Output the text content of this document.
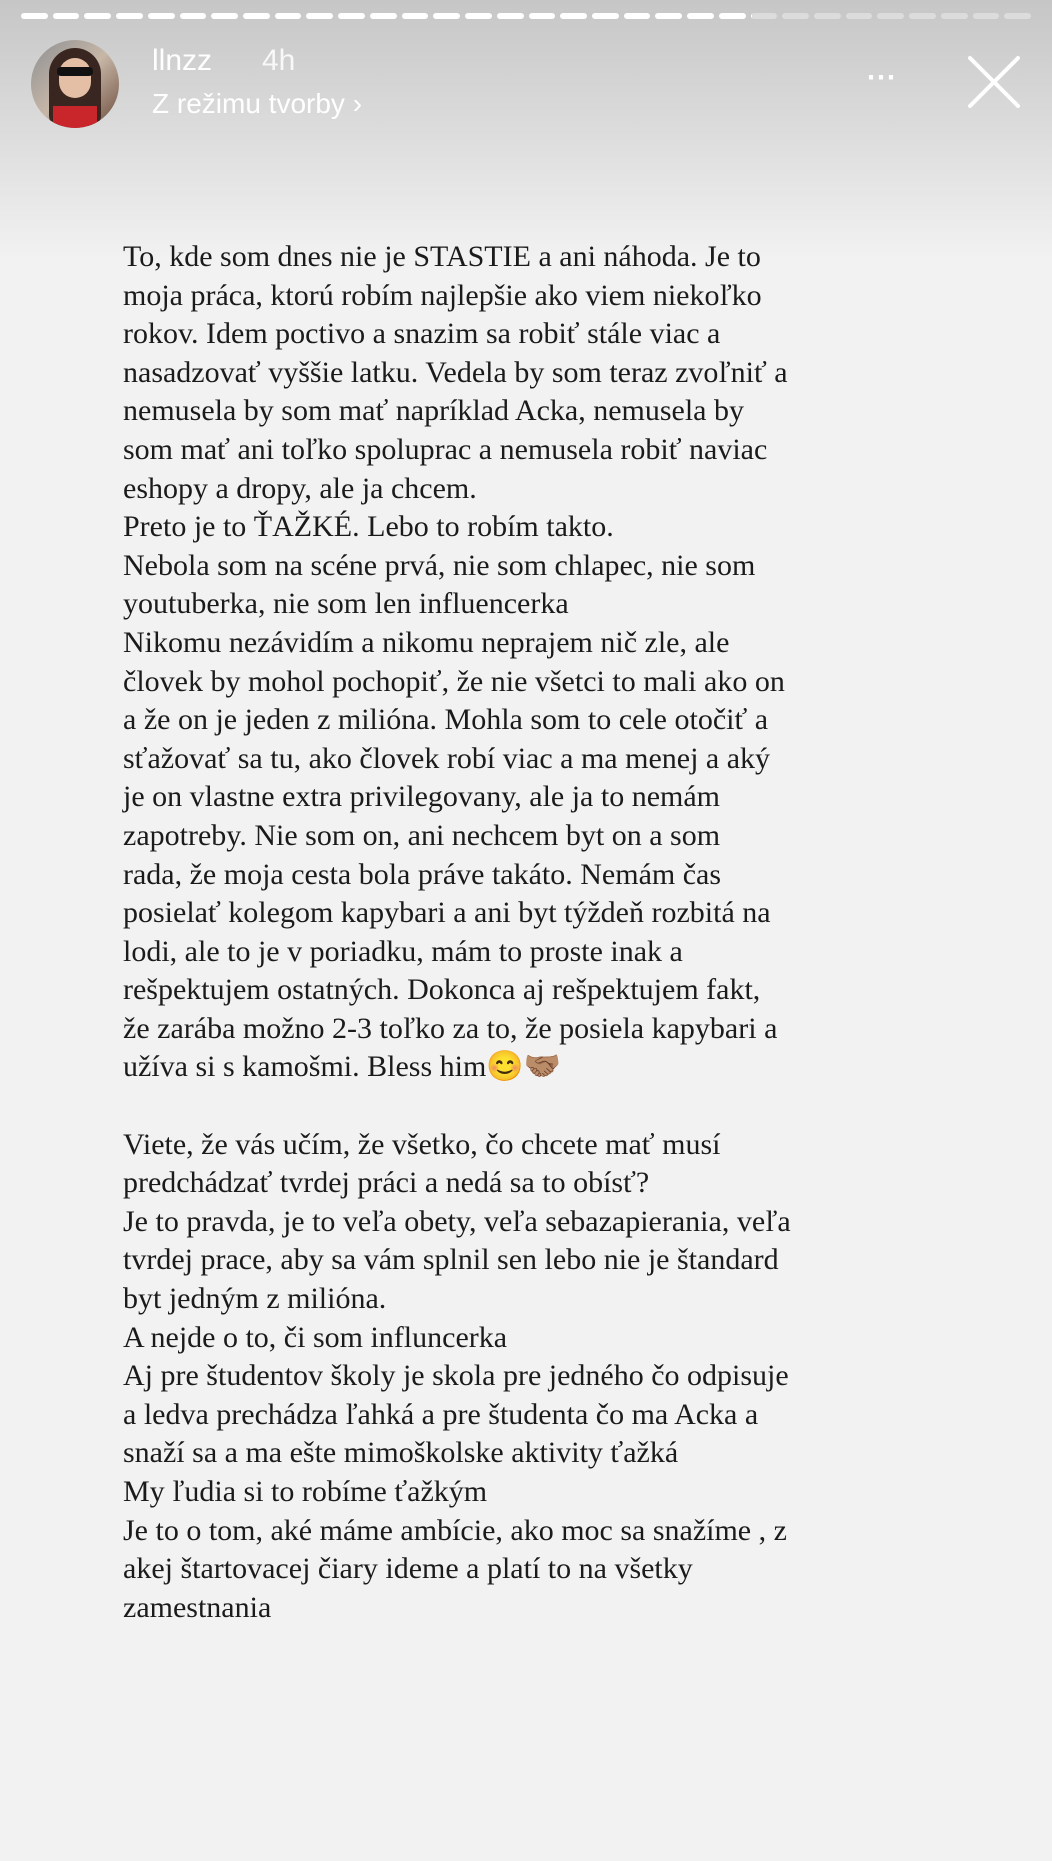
llnzz 4h
Z režimu tvorby ›
⋯
To, kde som dnes nie je STASTIE a ani náhoda. Je to
moja práca, ktorú robím najlepšie ako viem niekoľko
rokov. Idem poctivo a snazim sa robiť stále viac a
nasadzovať vyššie latku. Vedela by som teraz zvoľniť a
nemusela by som mať napríklad Acka, nemusela by
som mať ani toľko spoluprac a nemusela robiť naviac
eshopy a dropy, ale ja chcem.
Preto je to ŤAŽKÉ. Lebo to robím takto.
Nebola som na scéne prvá, nie som chlapec, nie som
youtuberka, nie som len influencerka
Nikomu nezávidím a nikomu neprajem nič zle, ale
človek by mohol pochopiť, že nie všetci to mali ako on
a že on je jeden z milióna. Mohla som to cele otočiť a
sťažovať sa tu, ako človek robí viac a ma menej a aký
je on vlastne extra privilegovany, ale ja to nemám
zapotreby. Nie som on, ani nechcem byt on a som
rada, že moja cesta bola práve takáto. Nemám čas
posielať kolegom kapybari a ani byt týždeň rozbitá na
lodi, ale to je v poriadku, mám to proste inak a
rešpektujem ostatných. Dokonca aj rešpektujem fakt,
že zarába možno 2-3 toľko za to, že posiela kapybari a
užíva si s kamošmi. Bless him😊🤝🏽
Viete, že vás učím, že všetko, čo chcete mať musí
predchádzať tvrdej práci a nedá sa to obísť?
Je to pravda, je to veľa obety, veľa sebazapierania, veľa
tvrdej prace, aby sa vám splnil sen lebo nie je štandard
byt jedným z milióna.
A nejde o to, či som influncerka
Aj pre študentov školy je skola pre jedného čo odpisuje
a ledva prechádza ľahká a pre študenta čo ma Acka a
snaží sa a ma ešte mimoškolske aktivity ťažká
My ľudia si to robíme ťažkým
Je to o tom, aké máme ambície, ako moc sa snažíme , z
akej štartovacej čiary ideme a platí to na všetky
zamestnania
